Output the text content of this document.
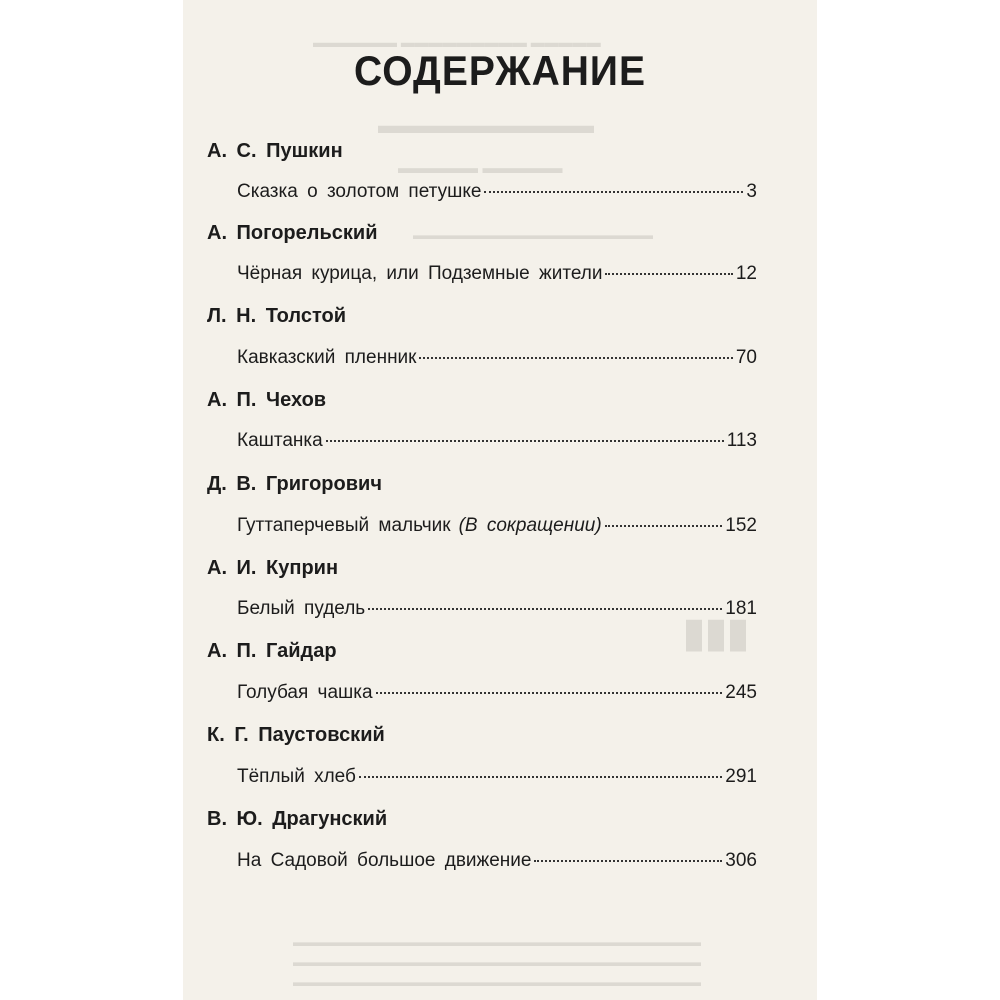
▬▬▬▬▬ ▬▬▬▬▬▬▬▬▬ ▬▬▬▬▬▬
▬▬▬▬▬▬▬▬▬
▬▬▬▬▬ ▬▬▬▬▬
▬▬▬▬▬▬▬▬▬▬▬▬▬▬▬▬▬▬▬▬
▮▮▮
▬▬▬▬▬▬▬▬▬▬▬▬▬▬▬▬▬▬▬▬▬▬▬▬▬▬▬▬▬▬▬▬▬▬
▬▬▬▬▬▬▬▬▬▬▬▬▬▬▬▬▬▬▬▬▬▬▬▬▬▬▬▬▬▬▬▬▬▬
▬▬▬▬▬▬▬▬▬▬▬▬▬▬▬▬▬▬▬▬▬▬▬▬▬▬▬▬▬▬▬▬▬▬
СОДЕРЖАНИЕ
А. С. Пушкин
Сказка о золотом петушке	3
А. Погорельский
Чёрная курица, или Подземные жители	12
Л. Н. Толстой
Кавказский пленник	70
А. П. Чехов
Каштанка	113
Д. В. Григорович
Гуттаперчевый мальчик (В сокращении)	152
А. И. Куприн
Белый пудель	181
А. П. Гайдар
Голубая чашка	245
К. Г. Паустовский
Тёплый хлеб	291
В. Ю. Драгунский
На Садовой большое движение	306
